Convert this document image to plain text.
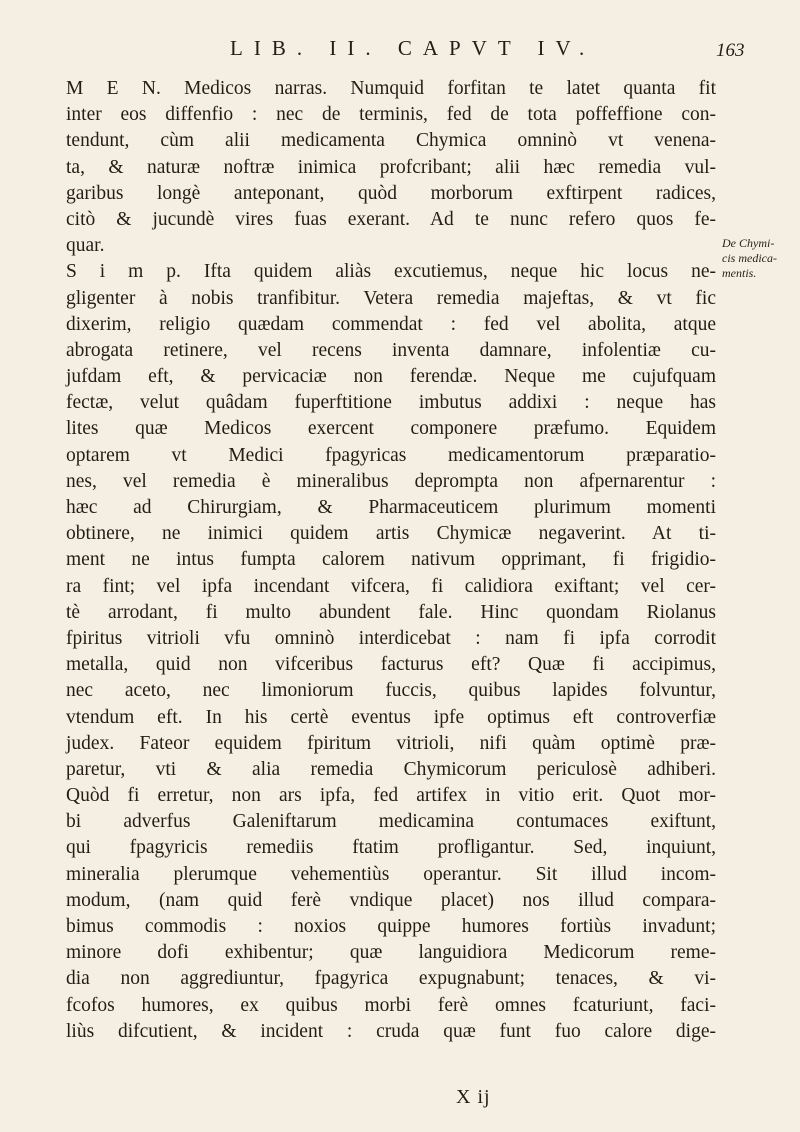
LIB. II. CAPVT IV.	163
De Chymi-
cis medica-
mentis.
M E N. Medicos narras. Numquid forfitan te latet quanta fit
inter eos diffenfio : nec de terminis, fed de tota poffeffione con-
tendunt, cùm alii medicamenta Chymica omninò vt venena-
ta, & naturæ noftræ inimica profcribant; alii hæc remedia vul-
garibus longè anteponant, quòd morborum exftirpent radices,
citò & jucundè vires fuas exerant. Ad te nunc refero quos fe-
quar.
S i m p. Ifta quidem aliàs excutiemus, neque hic locus ne-
gligenter à nobis tranfibitur. Vetera remedia majeftas, & vt fic
dixerim, religio quædam commendat : fed vel abolita, atque
abrogata retinere, vel recens inventa damnare, infolentiæ cu-
jufdam eft, & pervicaciæ non ferendæ. Neque me cujufquam
fectæ, velut quâdam fuperftitione imbutus addixi : neque has
lites quæ Medicos exercent componere præfumo. Equidem
optarem vt Medici fpagyricas medicamentorum præparatio-
nes, vel remedia è mineralibus deprompta non afpernarentur :
hæc ad Chirurgiam, & Pharmaceuticem plurimum momenti
obtinere, ne inimici quidem artis Chymicæ negaverint. At ti-
ment ne intus fumpta calorem nativum opprimant, fi frigidio-
ra fint; vel ipfa incendant vifcera, fi calidiora exiftant; vel cer-
tè arrodant, fi multo abundent fale. Hinc quondam Riolanus
fpiritus vitrioli vfu omninò interdicebat : nam fi ipfa corrodit
metalla, quid non vifceribus facturus eft? Quæ fi accipimus,
nec aceto, nec limoniorum fuccis, quibus lapides folvuntur,
vtendum eft. In his certè eventus ipfe optimus eft controverfiæ
judex. Fateor equidem fpiritum vitrioli, nifi quàm optimè præ-
paretur, vti & alia remedia Chymicorum periculosè adhiberi.
Quòd fi erretur, non ars ipfa, fed artifex in vitio erit. Quot mor-
bi adverfus Galeniftarum medicamina contumaces exiftunt,
qui fpagyricis remediis ftatim profligantur. Sed, inquiunt,
mineralia plerumque vehementiùs operantur. Sit illud incom-
modum, (nam quid ferè vndique placet) nos illud compara-
bimus commodis : noxios quippe humores fortiùs invadunt;
minore dofi exhibentur; quæ languidiora Medicorum reme-
dia non aggrediuntur, fpagyrica expugnabunt; tenaces, & vi-
fcofos humores, ex quibus morbi ferè omnes fcaturiunt, faci-
liùs difcutient, & incident : cruda quæ funt fuo calore dige-
X ij
